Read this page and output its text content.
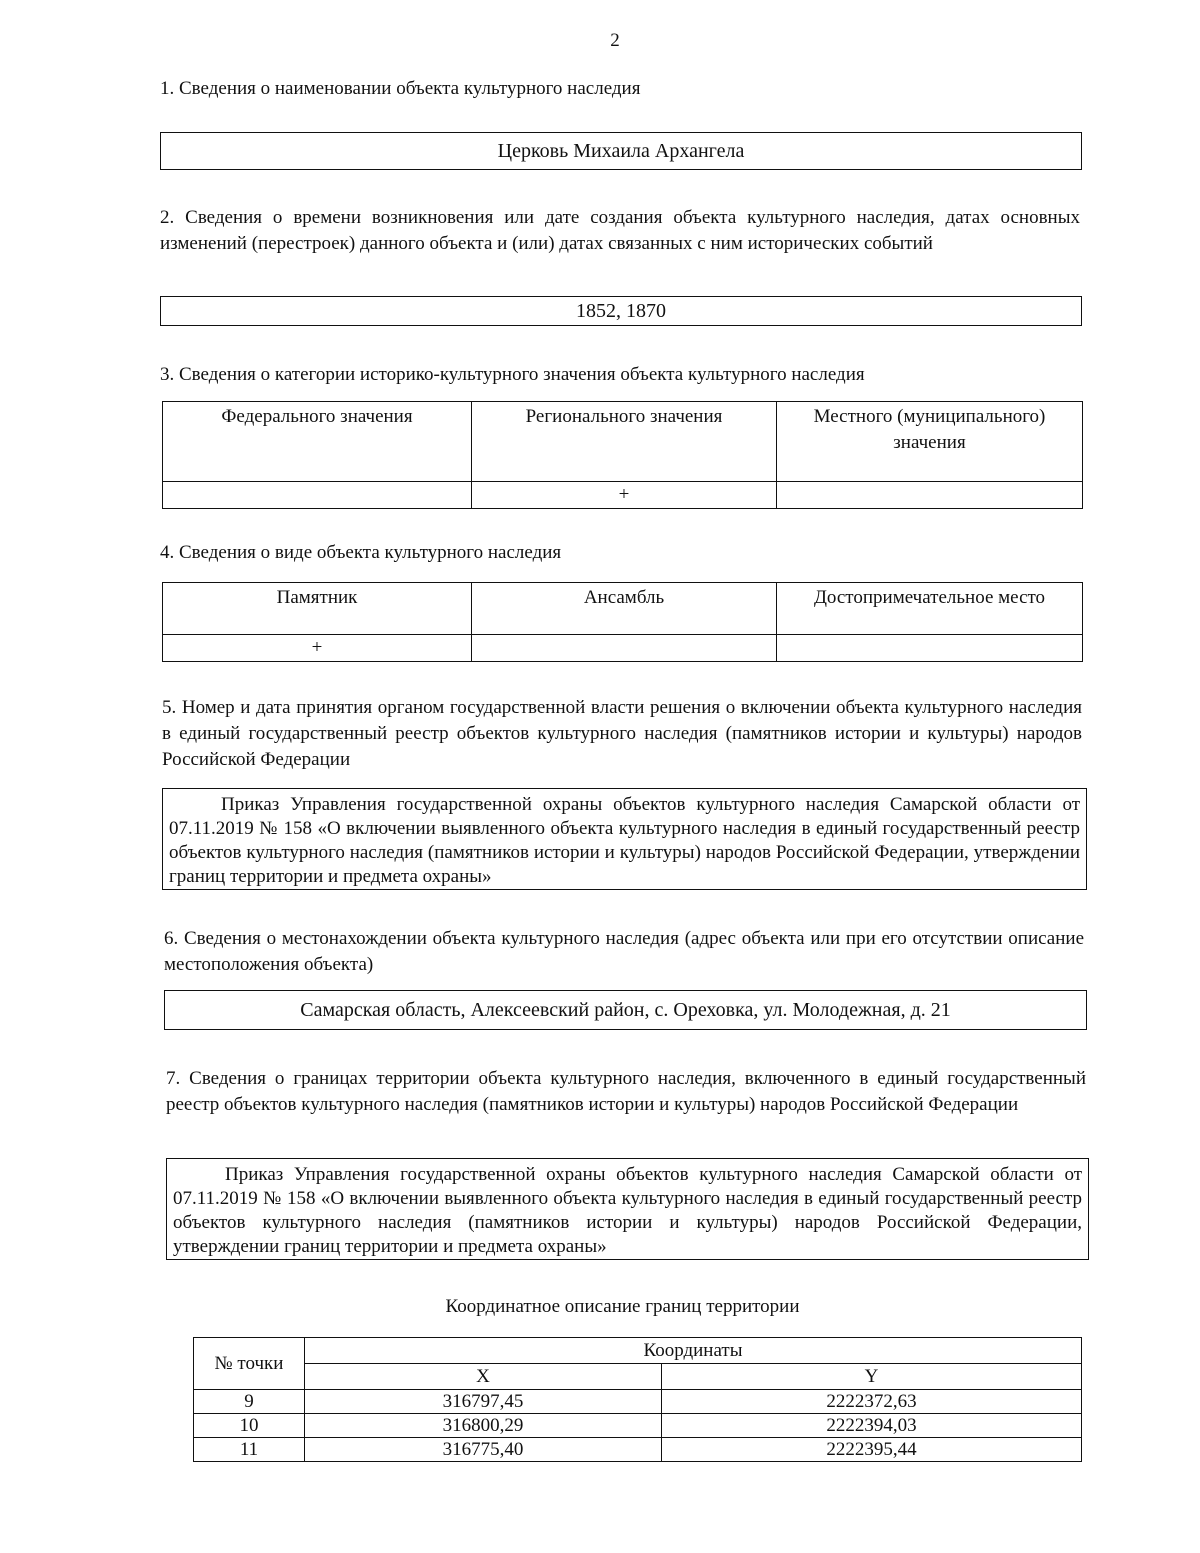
2
1. Сведения о наименовании объекта культурного наследия
Церковь Михаила Архангела
2. Сведения о времени возникновения или дате создания объекта культурного наследия, датах основных изменений (перестроек) данного объекта и (или) датах связанных с ним исторических событий
1852, 1870
3. Сведения о категории историко-культурного значения объекта культурного наследия
Федерального значения	Регионального значения	Местного (муниципального) значения
	+	
4. Сведения о виде объекта культурного наследия
Памятник	Ансамбль	Достопримечательное место
+		
5. Номер и дата принятия органом государственной власти решения о включении объекта культурного наследия в единый государственный реестр объектов культурного наследия (памятников истории и культуры) народов Российской Федерации
Приказ Управления государственной охраны объектов культурного наследия Самарской области от 07.11.2019 № 158 «О включении выявленного объекта культурного наследия в единый государственный реестр объектов культурного наследия (памятников истории и культуры) народов Российской Федерации, утверждении границ территории и предмета охраны»
6. Сведения о местонахождении объекта культурного наследия (адрес объекта или при его отсутствии описание местоположения объекта)
Самарская область, Алексеевский район, с. Ореховка, ул. Молодежная, д. 21
7. Сведения о границах территории объекта культурного наследия, включенного в единый государственный реестр объектов культурного наследия (памятников истории и культуры) народов Российской Федерации
Приказ Управления государственной охраны объектов культурного наследия Самарской области от 07.11.2019 № 158 «О включении выявленного объекта культурного наследия в единый государственный реестр объектов культурного наследия (памятников истории и культуры) народов Российской Федерации, утверждении границ территории и предмета охраны»
Координатное описание границ территории
№ точки	Координаты	
	X	Y
9	316797,45	2222372,63
10	316800,29	2222394,03
11	316775,40	2222395,44
